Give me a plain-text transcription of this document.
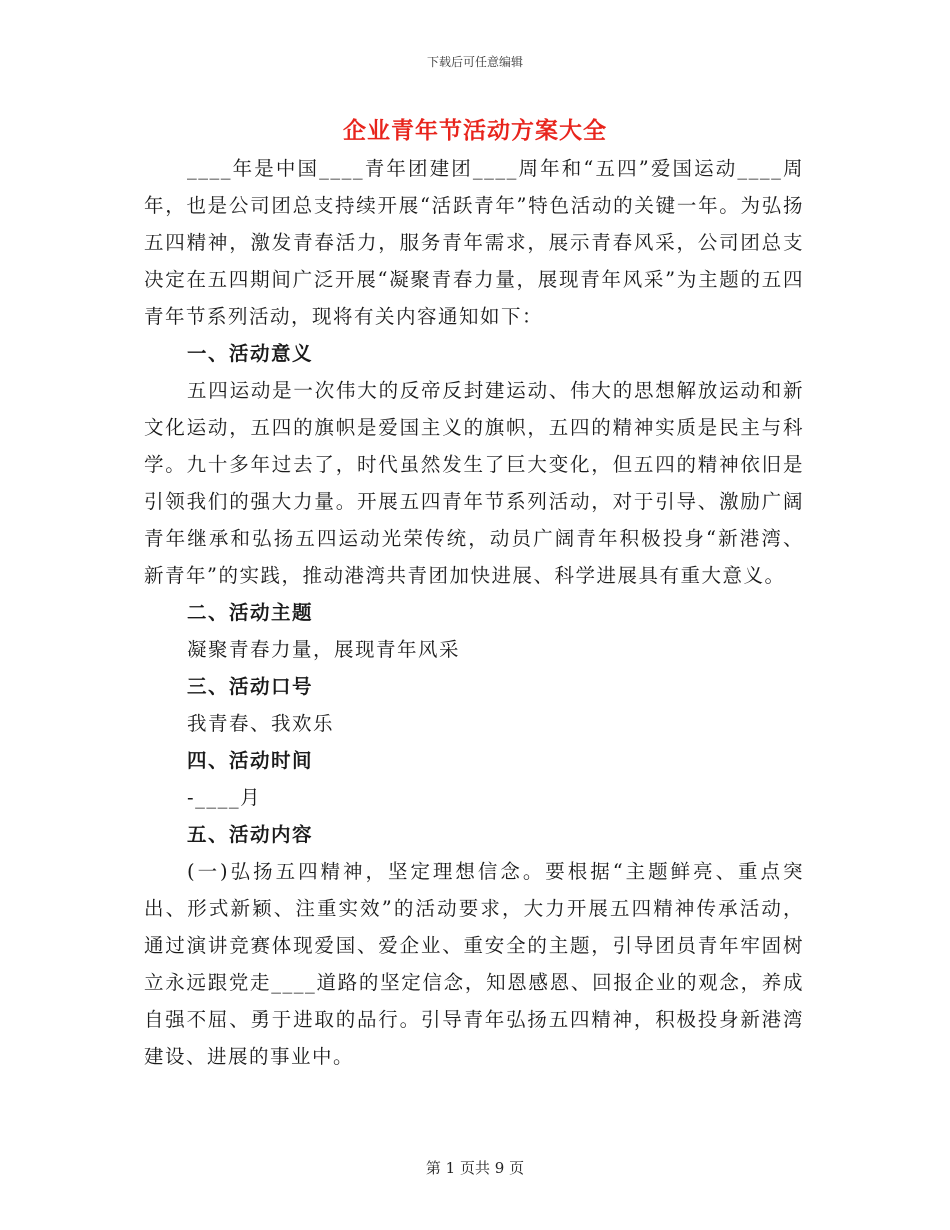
下载后可任意编辑
企业青年节活动方案大全

____年是中国____青年团建团____周年和“五四”爱国运动____周年，也是公司团总支持续开展“活跃青年”特色活动的关键一年。为弘扬五四精神，激发青春活力，服务青年需求，展示青春风采，公司团总支决定在五四期间广泛开展“凝聚青春力量，展现青年风采”为主题的五四青年节系列活动，现将有关内容通知如下：

一、活动意义

五四运动是一次伟大的反帝反封建运动、伟大的思想解放运动和新文化运动，五四的旗帜是爱国主义的旗帜，五四的精神实质是民主与科学。九十多年过去了，时代虽然发生了巨大变化，但五四的精神依旧是引领我们的强大力量。开展五四青年节系列活动，对于引导、激励广阔青年继承和弘扬五四运动光荣传统，动员广阔青年积极投身“新港湾、新青年”的实践，推动港湾共青团加快进展、科学进展具有重大意义。

二、活动主题

凝聚青春力量，展现青年风采

三、活动口号

我青春、我欢乐

四、活动时间

-____月

五、活动内容

(一)弘扬五四精神，坚定理想信念。要根据“主题鲜亮、重点突出、形式新颖、注重实效”的活动要求，大力开展五四精神传承活动，通过演讲竞赛体现爱国、爱企业、重安全的主题，引导团员青年牢固树立永远跟党走____道路的坚定信念，知恩感恩、回报企业的观念，养成自强不屈、勇于进取的品行。引导青年弘扬五四精神，积极投身新港湾建设、进展的事业中。

第 1 页共 9 页
